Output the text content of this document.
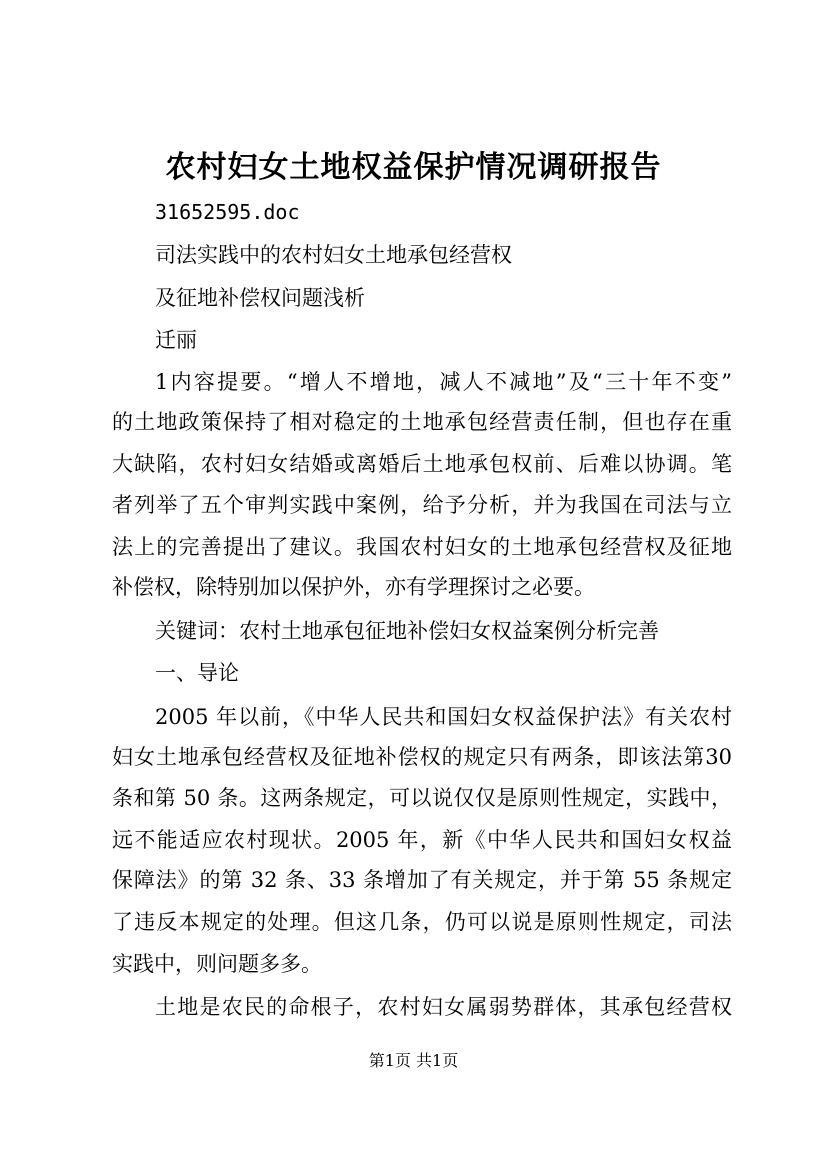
农村妇女土地权益保护情况调研报告
31652595.doc
司法实践中的农村妇女土地承包经营权
及征地补偿权问题浅析
迁丽
1内容提要。“增人不增地，减人不减地”及“三十年不变”
的土地政策保持了相对稳定的土地承包经营责任制，但也存在重
大缺陷，农村妇女结婚或离婚后土地承包权前、后难以协调。笔
者列举了五个审判实践中案例，给予分析，并为我国在司法与立
法上的完善提出了建议。我国农村妇女的土地承包经营权及征地
补偿权，除特别加以保护外，亦有学理探讨之必要。
关键词：农村土地承包征地补偿妇女权益案例分析完善
一、导论
2005 年以前，《中华人民共和国妇女权益保护法》有关农村
妇女土地承包经营权及征地补偿权的规定只有两条，即该法第30
条和第 50 条。这两条规定，可以说仅仅是原则性规定，实践中，
远不能适应农村现状。2005 年，新《中华人民共和国妇女权益
保障法》的第 32 条、33 条增加了有关规定，并于第 55 条规定
了违反本规定的处理。但这几条，仍可以说是原则性规定，司法
实践中，则问题多多。
土地是农民的命根子，农村妇女属弱势群体，其承包经营权
第1页 共1页
